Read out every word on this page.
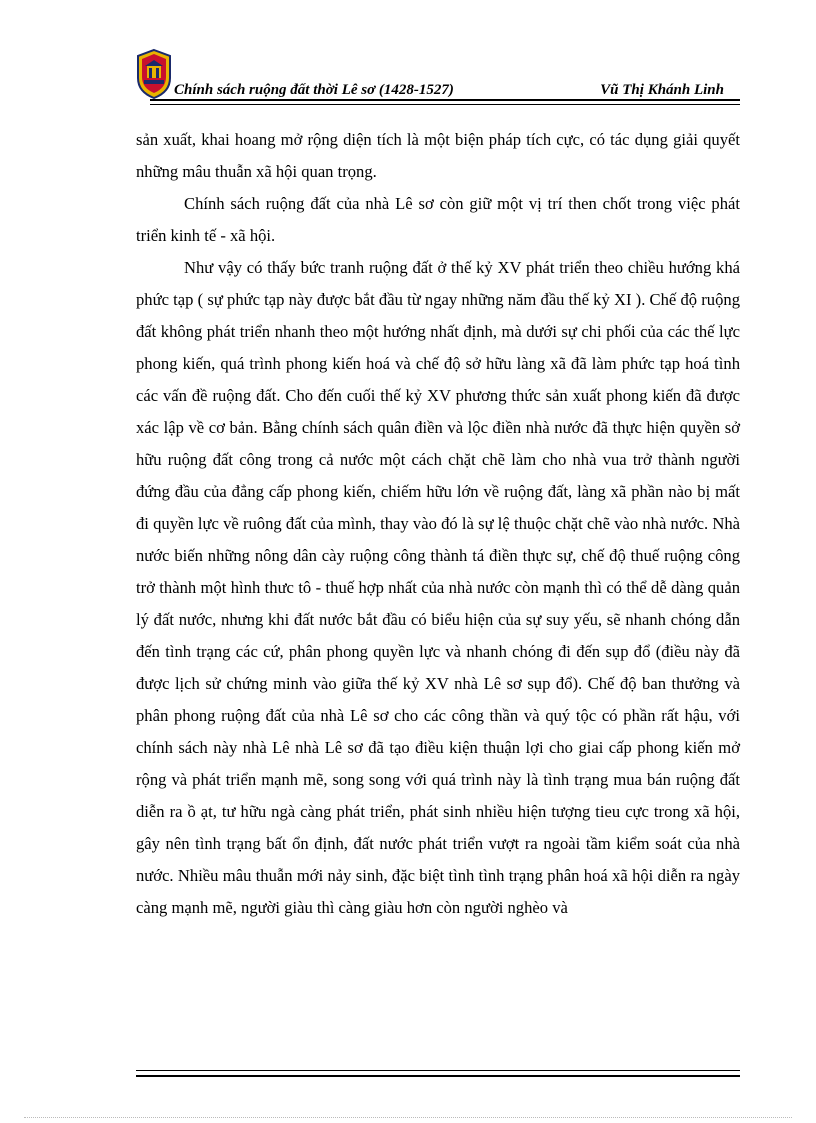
Chính sách ruộng đất thời Lê sơ (1428-1527)	Vũ Thị Khánh Linh

sản xuất, khai hoang mở rộng diện tích là một biện pháp tích cực, có tác dụng giải quyết những mâu thuẫn xã hội quan trọng.

Chính sách ruộng đất của nhà Lê sơ còn giữ một vị trí then chốt trong việc phát triển kinh tế - xã hội.

Như vậy có thấy bức tranh ruộng đất ở thế kỷ XV phát triển theo chiều hướng khá phức tạp ( sự phức tạp này được bắt đầu từ ngay những năm đầu thế kỷ XI ). Chế độ ruộng đất không phát triển nhanh theo một hướng nhất định, mà dưới sự chi phối của các thế lực phong kiến, quá trình phong kiến hoá và chế độ sở hữu làng xã đã làm phức tạp hoá tình các vấn đề ruộng đất. Cho đến cuối thế kỷ XV phương thức sản xuất phong kiến đã được xác lập về cơ bản. Bằng chính sách quân điền và lộc điền nhà nước đã thực hiện quyền sở hữu ruộng đất công trong cả nước một cách chặt chẽ làm cho nhà vua trở thành người đứng đầu của đẳng cấp phong kiến, chiếm hữu lớn về ruộng đất, làng xã phần nào bị mất đi quyền lực về ruông đất của mình, thay vào đó là sự lệ thuộc chặt chẽ vào nhà nước. Nhà nước biến những nông dân cày ruộng công thành tá điền thực sự, chế độ thuế ruộng công trở thành một hình thưc tô - thuế hợp nhất của nhà nước còn mạnh thì có thể dễ dàng quản lý đất nước, nhưng khi đất nước bắt đầu có biểu hiện của sự suy yếu, sẽ nhanh chóng dẫn đến tình trạng các cứ, phân phong quyền lực và nhanh chóng đi đến sụp đổ (điều này đã được lịch sử chứng minh vào giữa thế kỷ XV nhà Lê sơ sụp đổ). Chế độ ban thưởng và phân phong ruộng đất của nhà Lê sơ cho các công thần và quý tộc có phần rất hậu, với chính sách này nhà Lê nhà Lê sơ đã tạo điều kiện thuận lợi cho giai cấp phong kiến mở rộng và phát triển mạnh mẽ, song song với quá trình này là tình trạng mua bán ruộng đất diễn ra ồ ạt, tư hữu ngà càng phát triển, phát sinh nhiều hiện tượng tieu cực trong xã hội, gây nên tình trạng bất ổn định, đất nước phát triển vượt ra ngoài tầm kiểm soát của nhà nước. Nhiều mâu thuẫn mới nảy sinh, đặc biệt tình tình trạng phân hoá xã hội diễn ra ngày càng mạnh mẽ, người giàu thì càng giàu hơn còn người nghèo và
